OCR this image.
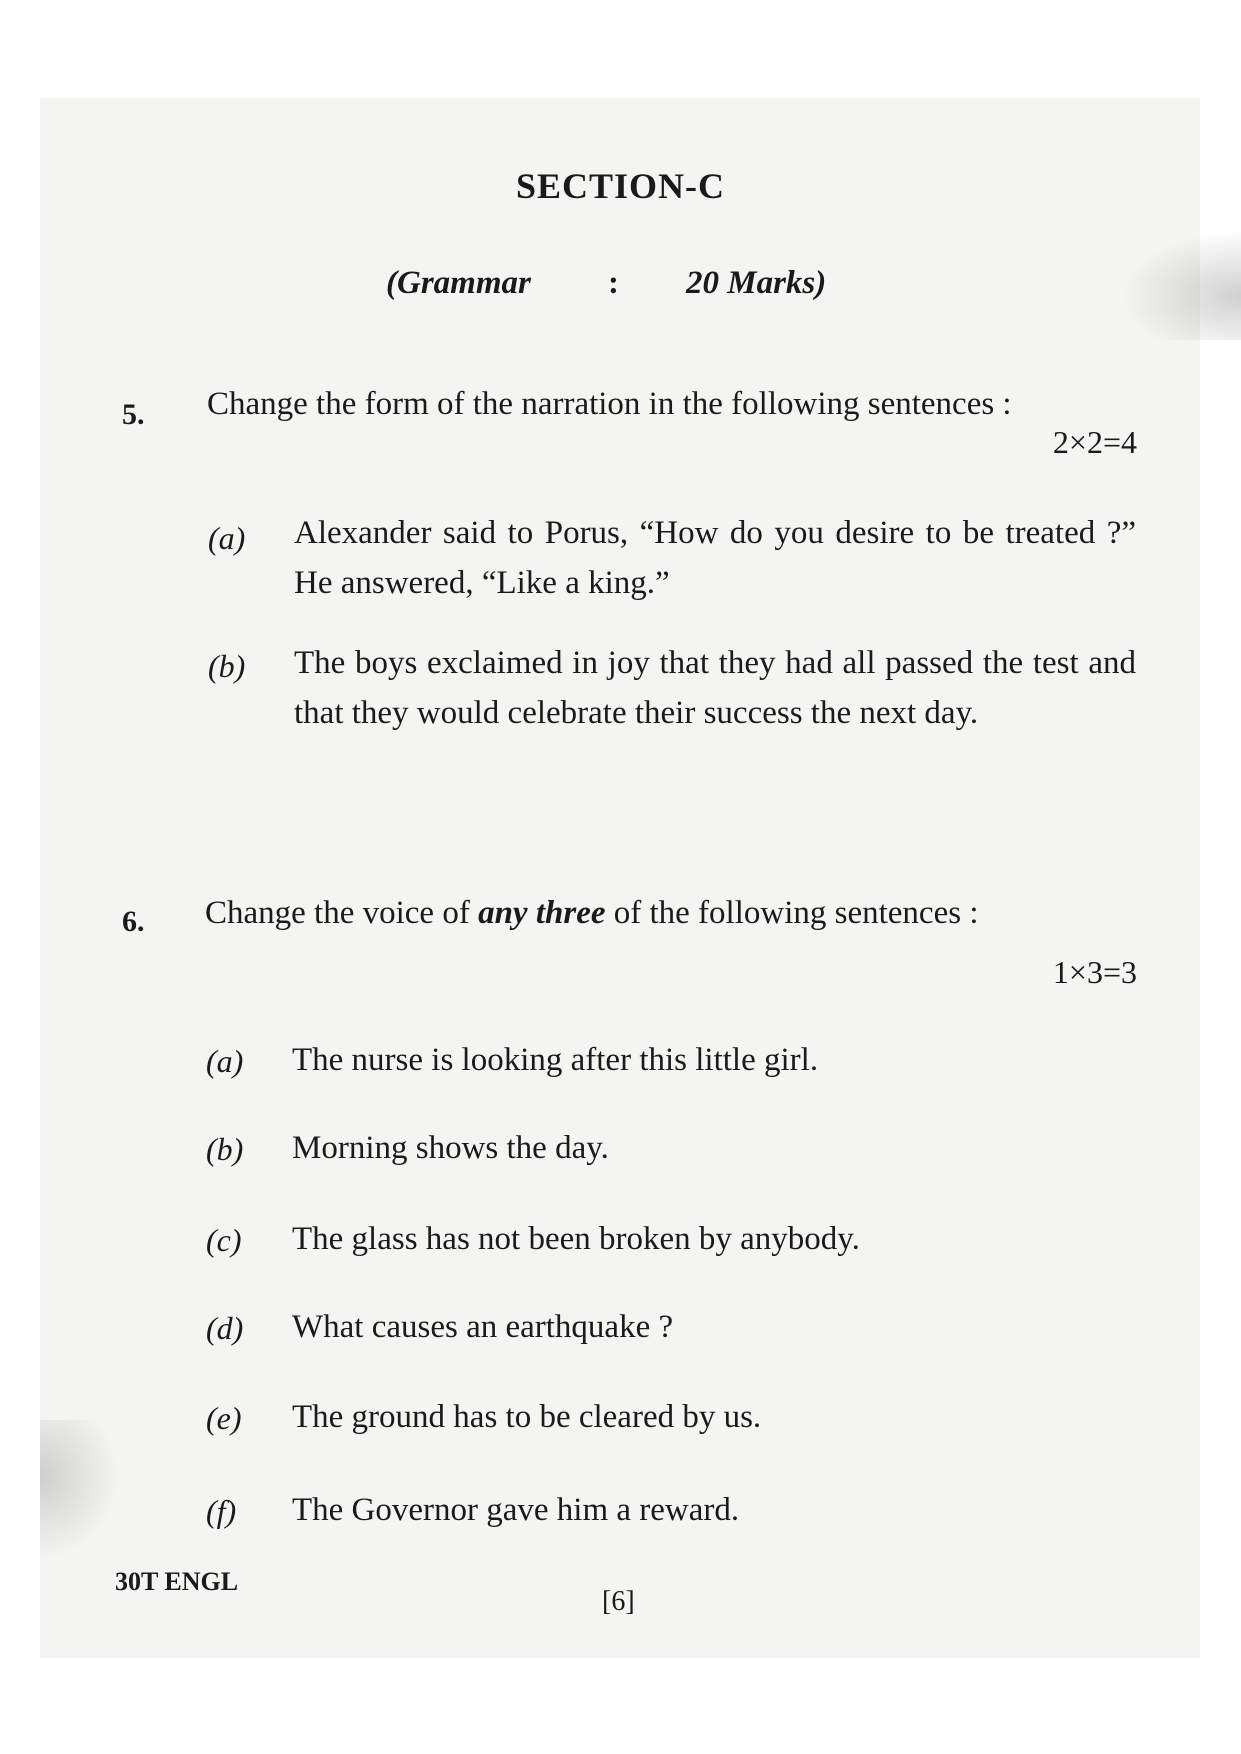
SECTION-C
(Grammar : 20 Marks)
5. Change the form of the narration in the following sentences :
2×2=4
(a) Alexander said to Porus, “How do you desire to be treated ?” He answered, “Like a king.”
(b) The boys exclaimed in joy that they had all passed the test and that they would celebrate their success the next day.
6. Change the voice of any three of the following sentences :
1×3=3
(a) The nurse is looking after this little girl.
(b) Morning shows the day.
(c) The glass has not been broken by anybody.
(d) What causes an earthquake ?
(e) The ground has to be cleared by us.
(f) The Governor gave him a reward.
30T ENGL
[6]
